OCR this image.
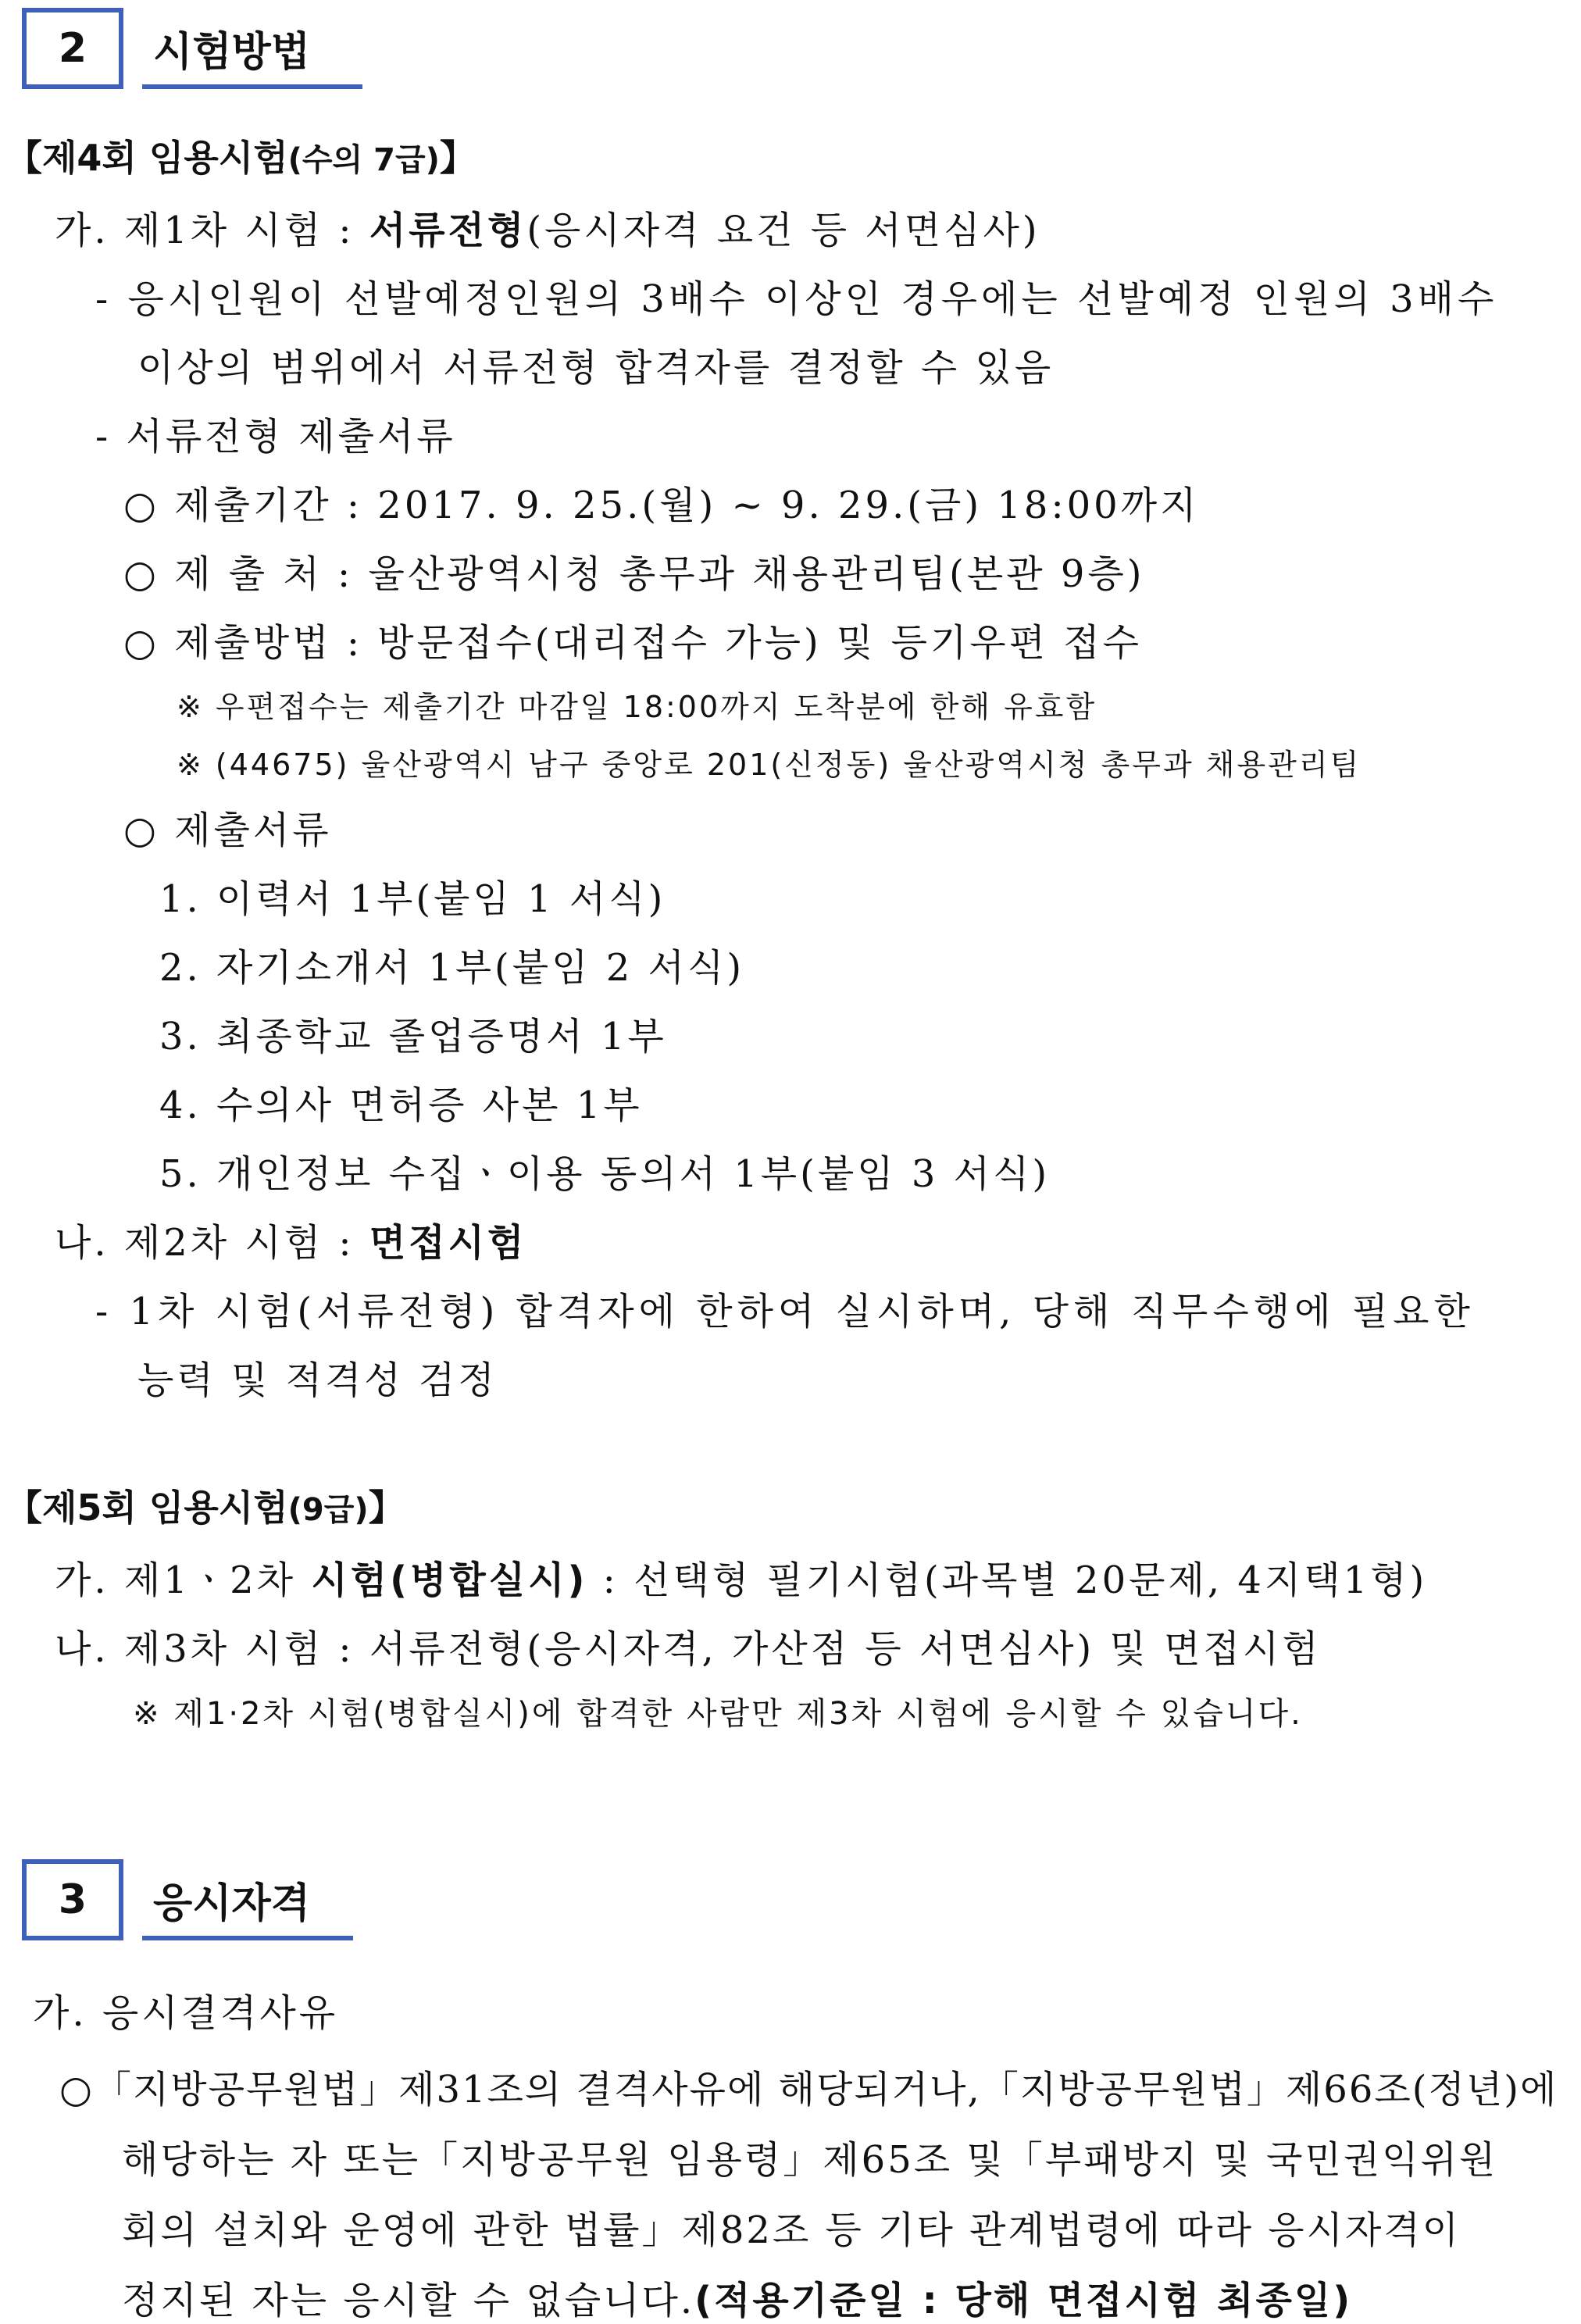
2 시험방법
【제4회 임용시험(수의 7급)】
가. 제1차 시험 : 서류전형(응시자격 요건 등 서면심사)
- 응시인원이 선발예정인원의 3배수 이상인 경우에는 선발예정 인원의 3배수
이상의 범위에서 서류전형 합격자를 결정할 수 있음
- 서류전형 제출서류
○ 제출기간 : 2017. 9. 25.(월) ~ 9. 29.(금) 18:00까지
○ 제 출 처 : 울산광역시청 총무과 채용관리팀(본관 9층)
○ 제출방법 : 방문접수(대리접수 가능) 및 등기우편 접수
※ 우편접수는 제출기간 마감일 18:00까지 도착분에 한해 유효함
※ (44675) 울산광역시 남구 중앙로 201(신정동) 울산광역시청 총무과 채용관리팀
○ 제출서류
1. 이력서 1부(붙임 1 서식)
2. 자기소개서 1부(붙임 2 서식)
3. 최종학교 졸업증명서 1부
4. 수의사 면허증 사본 1부
5. 개인정보 수집ㆍ이용 동의서 1부(붙임 3 서식)
나. 제2차 시험 : 면접시험
- 1차 시험(서류전형) 합격자에 한하여 실시하며, 당해 직무수행에 필요한
능력 및 적격성 검정
【제5회 임용시험(9급)】
가. 제1ㆍ2차 시험(병합실시) : 선택형 필기시험(과목별 20문제, 4지택1형)
나. 제3차 시험 : 서류전형(응시자격, 가산점 등 서면심사) 및 면접시험
※ 제1·2차 시험(병합실시)에 합격한 사람만 제3차 시험에 응시할 수 있습니다.
3 응시자격
가. 응시결격사유
○「지방공무원법」제31조의 결격사유에 해당되거나,「지방공무원법」제66조(정년)에
해당하는 자 또는「지방공무원 임용령」제65조 및「부패방지 및 국민권익위원
회의 설치와 운영에 관한 법률」제82조 등 기타 관계법령에 따라 응시자격이
정지된 자는 응시할 수 없습니다.(적용기준일 : 당해 면접시험 최종일)
